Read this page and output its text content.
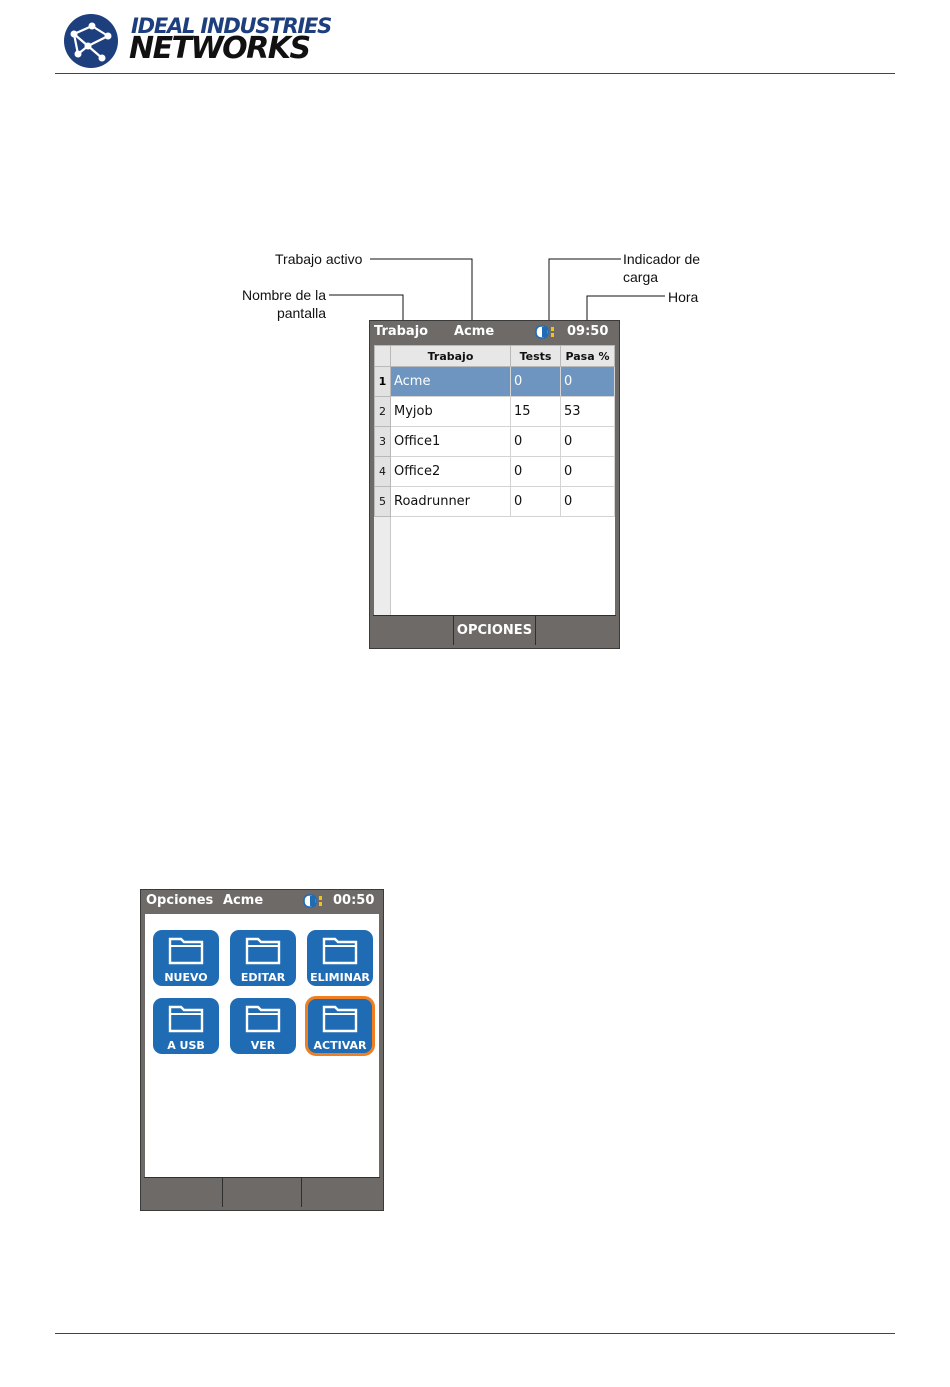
IDEAL INDUSTRIES
NETWORKS
Trabajo activo
Nombre de la
pantalla
Indicador de
carga
Hora
Trabajo Acme	09:50
	Trabajo	Tests	Pasa %
1	Acme	0	0
2	Myjob	15	53
3	Office1	0	0
4	Office2	0	0
5	Roadrunner	0	0
OPCIONES
Opciones Acme	00:50
NUEVO	EDITAR	ELIMINAR
A USB	VER	ACTIVAR
